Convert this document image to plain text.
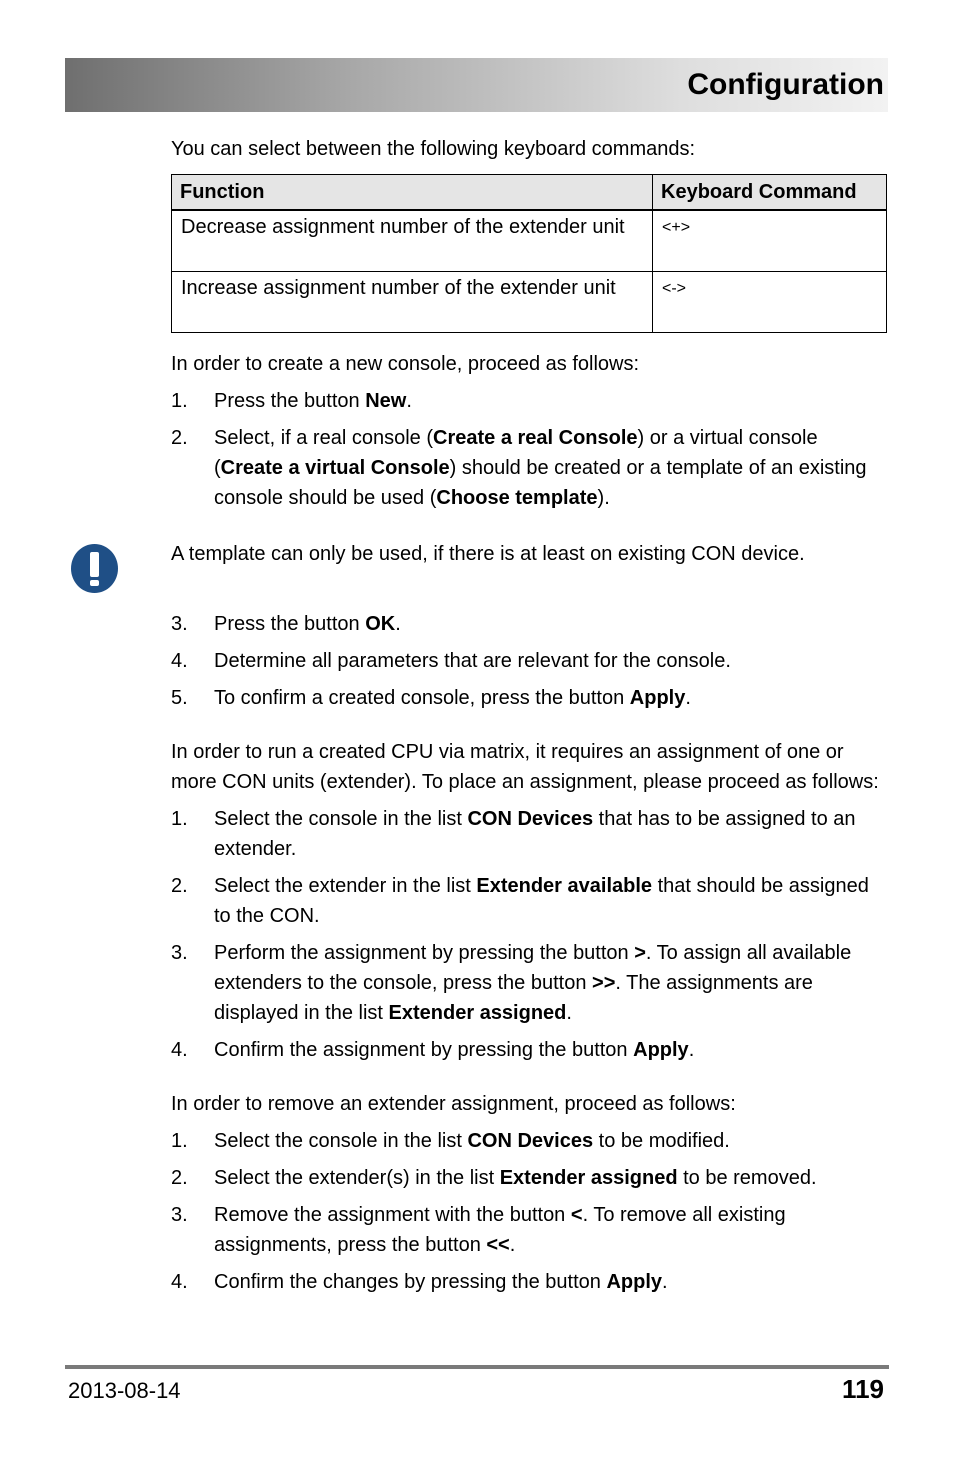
Configuration

You can select between the following keyboard commands:

Function	Keyboard Command
Decrease assignment number of the extender unit	<+>
Increase assignment number of the extender unit	<->

In order to create a new console, proceed as follows:

1. Press the button New.
2. Select, if a real console (Create a real Console) or a virtual console (Create a virtual Console) should be created or a template of an existing console should be used (Choose template).
A template can only be used, if there is at least on existing CON device.
3. Press the button OK.
4. Determine all parameters that are relevant for the console.
5. To confirm a created console, press the button Apply.

In order to run a created CPU via matrix, it requires an assignment of one or more CON units (extender). To place an assignment, please proceed as follows:

1. Select the console in the list CON Devices that has to be assigned to an extender.
2. Select the extender in the list Extender available that should be assigned to the CON.
3. Perform the assignment by pressing the button >. To assign all available extenders to the console, press the button >>. The assignments are displayed in the list Extender assigned.
4. Confirm the assignment by pressing the button Apply.

In order to remove an extender assignment, proceed as follows:

1. Select the console in the list CON Devices to be modified.
2. Select the extender(s) in the list Extender assigned to be removed.
3. Remove the assignment with the button <. To remove all existing assignments, press the button <<.
4. Confirm the changes by pressing the button Apply.
2013-08-14	119
